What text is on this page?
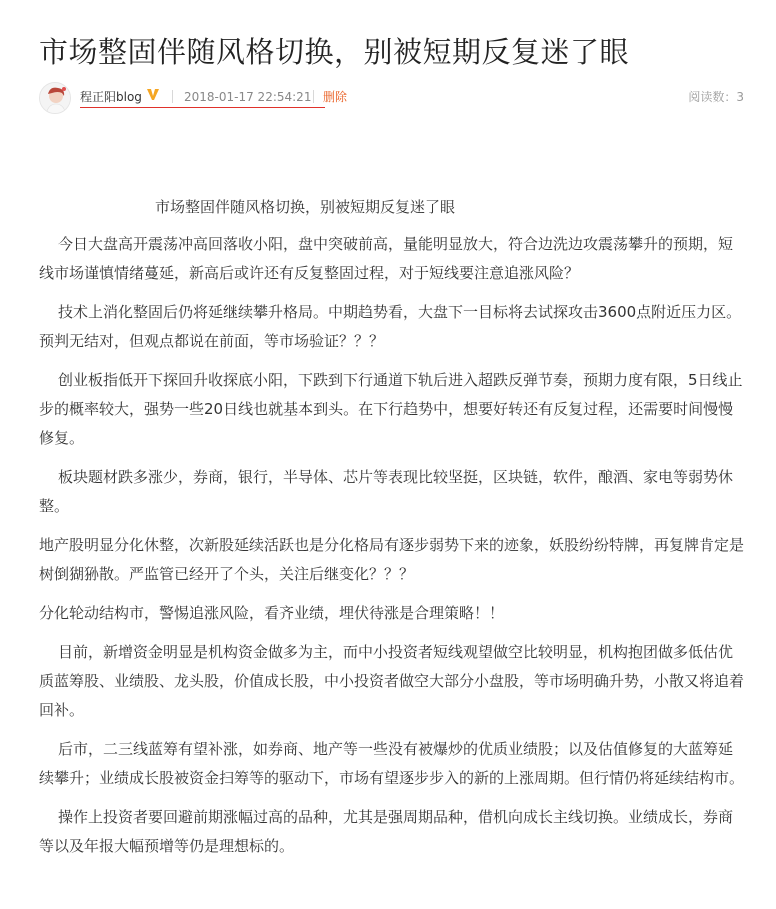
市场整固伴随风格切换，别被短期反复迷了眼
程正阳blog	2018-01-17 22:54:21 删除	阅读数：3
市场整固伴随风格切换，别被短期反复迷了眼

今日大盘高开震荡冲高回落收小阳，盘中突破前高，量能明显放大，符合边洗边攻震荡攀升的预期，短线市场谨慎情绪蔓延，新高后或许还有反复整固过程，对于短线要注意追涨风险？

技术上消化整固后仍将延继续攀升格局。中期趋势看，大盘下一目标将去试探攻击3600点附近压力区。预判无结对，但观点都说在前面，等市场验证？？？

创业板指低开下探回升收探底小阳，下跌到下行通道下轨后进入超跌反弹节奏，预期力度有限，5日线止步的概率较大，强势一些20日线也就基本到头。在下行趋势中，想要好转还有反复过程，还需要时间慢慢修复。

板块题材跌多涨少，券商，银行，半导体、芯片等表现比较坚挺，区块链，软件，酿酒、家电等弱势休整。

地产股明显分化休整，次新股延续活跃也是分化格局有逐步弱势下来的迹象，妖股纷纷特牌，再复牌肯定是树倒猢狲散。严监管已经开了个头，关注后继变化？？？

分化轮动结构市，警惕追涨风险，看齐业绩，埋伏待涨是合理策略！！

目前，新增资金明显是机构资金做多为主，而中小投资者短线观望做空比较明显，机构抱团做多低估优质蓝筹股、业绩股、龙头股，价值成长股，中小投资者做空大部分小盘股，等市场明确升势，小散又将追着回补。

后市，二三线蓝筹有望补涨，如券商、地产等一些没有被爆炒的优质业绩股；以及估值修复的大蓝筹延续攀升；业绩成长股被资金扫筹等的驱动下，市场有望逐步步入的新的上涨周期。但行情仍将延续结构市。

操作上投资者要回避前期涨幅过高的品种，尤其是强周期品种，借机向成长主线切换。业绩成长，券商等以及年报大幅预增等仍是理想标的。
